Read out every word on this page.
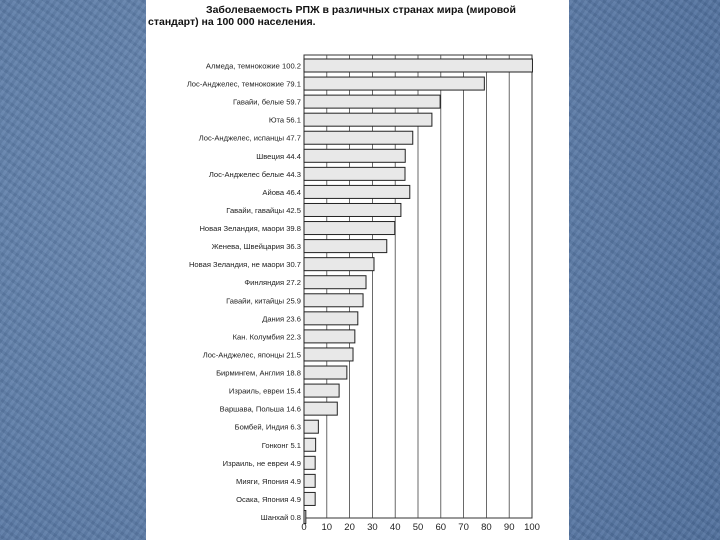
Алмеда, темнокожие 100.2
Лос-Анджелес, темнокожие 79.1
Гавайи, белые 59.7
Юта 56.1
Лос-Анджелес, испанцы 47.7
Швеция 44.4
Лос-Анджелес белые 44.3
Айова 46.4
Гавайи, гавайцы 42.5
Новая Зеландия, маори 39.8
Женева, Швейцария 36.3
Новая Зеландия, не маори 30.7
Финляндия 27.2
Гавайи, китайцы 25.9
Дания 23.6
Кан. Колумбия 22.3
Лос-Анджелес, японцы 21.5
Бирмингем, Англия 18.8
Израиль, евреи 15.4
Варшава, Польша 14.6
Бомбей, Индия 6.3
Гонконг 5.1
Израиль, не евреи 4.9
Мияги, Япония 4.9
Осака, Япония 4.9
Шанхай 0.8
0 10 20 30 40 50 60 70 80 90 100
Заболеваемость РПЖ в различных странах мира (мировой стандарт) на 100 000 населения.
